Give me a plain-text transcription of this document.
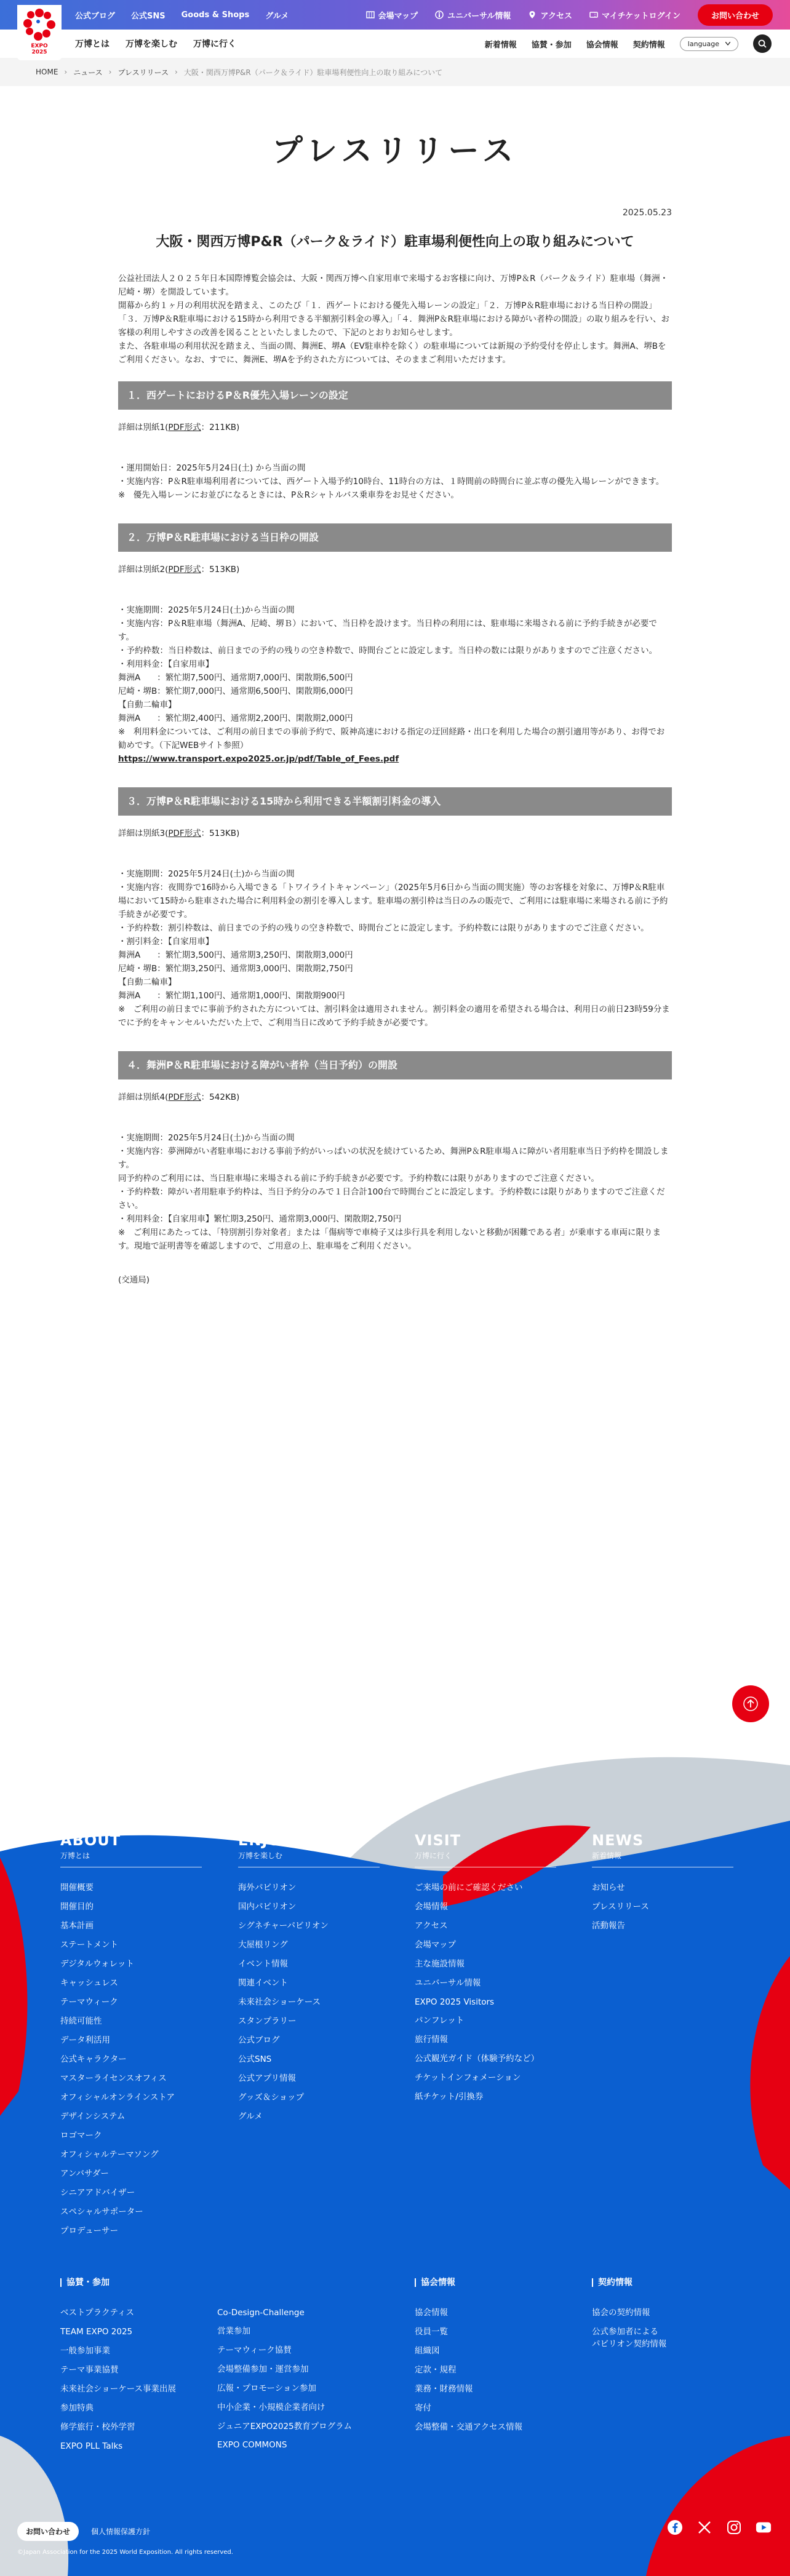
公式ブログ 公式SNS Goods & Shops グルメ	会場マップ	ユニバーサル情報	アクセス	マイチケットログイン	お問い合わせ
EXPO
2025
万博とは 万博を楽しむ 万博に行く	新着情報 協賛・参加 協会情報 契約情報	language
HOME › ニュース › プレスリリース › 大阪・関西万博P&R（パーク＆ライド）駐車場利便性向上の取り組みについて
プレスリリース
2025.05.23
大阪・関西万博P&R（パーク＆ライド）駐車場利便性向上の取り組みについて

公益社団法人２０２５年日本国際博覧会協会は、大阪・関西万博へ自家用車で来場するお客様に向け、万博P＆R（パーク＆ライド）駐車場（舞洲・尼崎・堺）を開設しています。

開幕から約１ヶ月の利用状況を踏まえ、このたび「１．西ゲートにおける優先入場レーンの設定」「２．万博P＆R駐車場における当日枠の開設」「３．万博P＆R駐車場における15時から利用できる半額割引料金の導入」「４．舞洲P＆R駐車場における障がい者枠の開設」の取り組みを行い、お客様の利用しやすさの改善を図ることといたしましたので、下記のとおりお知らせします。

また、各駐車場の利用状況を踏まえ、当面の間、舞洲E、堺A（EV駐車枠を除く）の駐車場については新規の予約受付を停止します。舞洲A、堺Bをご利用ください。なお、すでに、舞洲E、堺Aを予約された方については、そのままご利用いただけます。

１．西ゲートにおけるP＆R優先入場レーンの設定

詳細は別紙1(PDF形式：211KB)

・運用開始日：2025年5月24日(土) から当面の間

・実施内容：P＆R駐車場利用者については、西ゲート入場予約10時台、11時台の方は、１時間前の時間台に並ぶ専の優先入場レーンができます。

※　優先入場レーンにお並びになるときには、P＆Rシャトルバス乗車券をお見せください。

２．万博P＆R駐車場における当日枠の開設

詳細は別紙2(PDF形式：513KB)

・実施期間：2025年5月24日(土)から当面の間

・実施内容：P＆R駐車場（舞洲A、尼崎、堺Ｂ）において、当日枠を設けます。当日枠の利用には、駐車場に来場される前に予約手続きが必要です。

・予約枠数：当日枠数は、前日までの予約の残りの空き枠数で、時間台ごとに設定します。当日枠の数には限りがありますのでご注意ください。

・利用料金：【自家用車】

舞洲A　　：繁忙期7,500円、通常期7,000円、閑散期6,500円

尼崎・堺B：繁忙期7,000円、通常期6,500円、閑散期6,000円

【自動二輪車】

舞洲A　　：繁忙期2,400円、通常期2,200円、閑散期2,000円

※　利用料金については、ご利用の前日までの事前予約で、阪神高速における指定の迂回経路・出口を利用した場合の割引適用等があり、お得でお勧めです。（下記WEBサイト参照）

https://www.transport.expo2025.or.jp/pdf/Table_of_Fees.pdf

３．万博P＆R駐車場における15時から利用できる半額割引料金の導入

詳細は別紙3(PDF形式：513KB)

・実施期間：2025年5月24日(土)から当面の間

・実施内容：夜間券で16時から入場できる「トワイライトキャンペーン」（2025年5月6日から当面の間実施）等のお客様を対象に、万博P＆R駐車場において15時から駐車された場合に利用料金の割引を導入します。駐車場の割引枠は当日のみの販売で、ご利用には駐車場に来場される前に予約手続きが必要です。

・予約枠数：割引枠数は、前日までの予約の残りの空き枠数で、時間台ごとに設定します。予約枠数には限りがありますのでご注意ください。

・割引料金：【自家用車】

舞洲A　　：繁忙期3,500円、通常期3,250円、閑散期3,000円

尼崎・堺B：繁忙期3,250円、通常期3,000円、閑散期2,750円

【自動二輪車】

舞洲A　　：繁忙期1,100円、通常期1,000円、閑散期900円

※　ご利用の前日までに事前予約された方については、割引料金は適用されません。割引料金の適用を希望される場合は、利用日の前日23時59分までに予約をキャンセルいただいた上で、ご利用当日に改めて予約手続きが必要です。

４．舞洲P＆R駐車場における障がい者枠（当日予約）の開設

詳細は別紙4(PDF形式：542KB)

・実施期間：2025年5月24日(土)から当面の間

・実施内容：夢洲障がい者駐車場における事前予約がいっぱいの状況を続けているため、舞洲P＆R駐車場Ａに障がい者用駐車当日予約枠を開設します。

同予約枠のご利用には、当日駐車場に来場される前に予約手続きが必要です。予約枠数には限りがありますのでご注意ください。

・予約枠数：障がい者用駐車予約枠は、当日予約分のみで１日合計100台で時間台ごとに設定します。予約枠数には限りがありますのでご注意ください。

・利用料金：【自家用車】繁忙期3,250円、通常期3,000円、閑散期2,750円

※　ご利用にあたっては、「特別割引券対象者」または「傷病等で車椅子又は歩行具を利用しないと移動が困難である者」が乗車する車両に限ります。現地で証明書等を確認しますので、ご用意の上、駐車場をご利用ください。

(交通局)

ABOUT
万博とは
開催概要
開催目的
基本計画
ステートメント
デジタルウォレット
キャッシュレス
テーマウィーク
持続可能性
データ利活用
公式キャラクター
マスターライセンスオフィス
オフィシャルオンラインストア
デザインシステム
ロゴマーク
オフィシャルテーマソング
アンバサダー
シニアアドバイザー
スペシャルサポーター
プロデューサー
ENJOY
万博を楽しむ
海外パビリオン
国内パビリオン
シグネチャーパビリオン
大屋根リング
イベント情報
関連イベント
未来社会ショーケース
スタンプラリー
公式ブログ
公式SNS
公式アプリ情報
グッズ＆ショップ
グルメ
VISIT
万博に行く
ご来場の前にご確認ください
会場情報
アクセス
会場マップ
主な施設情報
ユニバーサル情報
EXPO 2025 Visitors
パンフレット
旅行情報
公式観光ガイド（体験予約など）
チケットインフォメーション
紙チケット/引換券
NEWS
新着情報
お知らせ
プレスリリース
活動報告
協賛・参加
ベストプラクティス
TEAM EXPO 2025
一般参加事業
テーマ事業協賛
未来社会ショーケース事業出展
参加特典
修学旅行・校外学習
EXPO PLL Talks
Co-Design-Challenge
営業参加
テーマウィーク協賛
会場整備参加・運営参加
広報・プロモーション参加
中小企業・小規模企業者向け
ジュニアEXPO2025教育プログラム
EXPO COMMONS
協会情報
協会情報
役員一覧
組織図
定款・規程
業務・財務情報
寄付
会場整備・交通アクセス情報
契約情報
協会の契約情報
公式参加者による
パビリオン契約情報
お問い合わせ	個人情報保護方針
©Japan Association for the 2025 World Exposition. All rights reserved.
